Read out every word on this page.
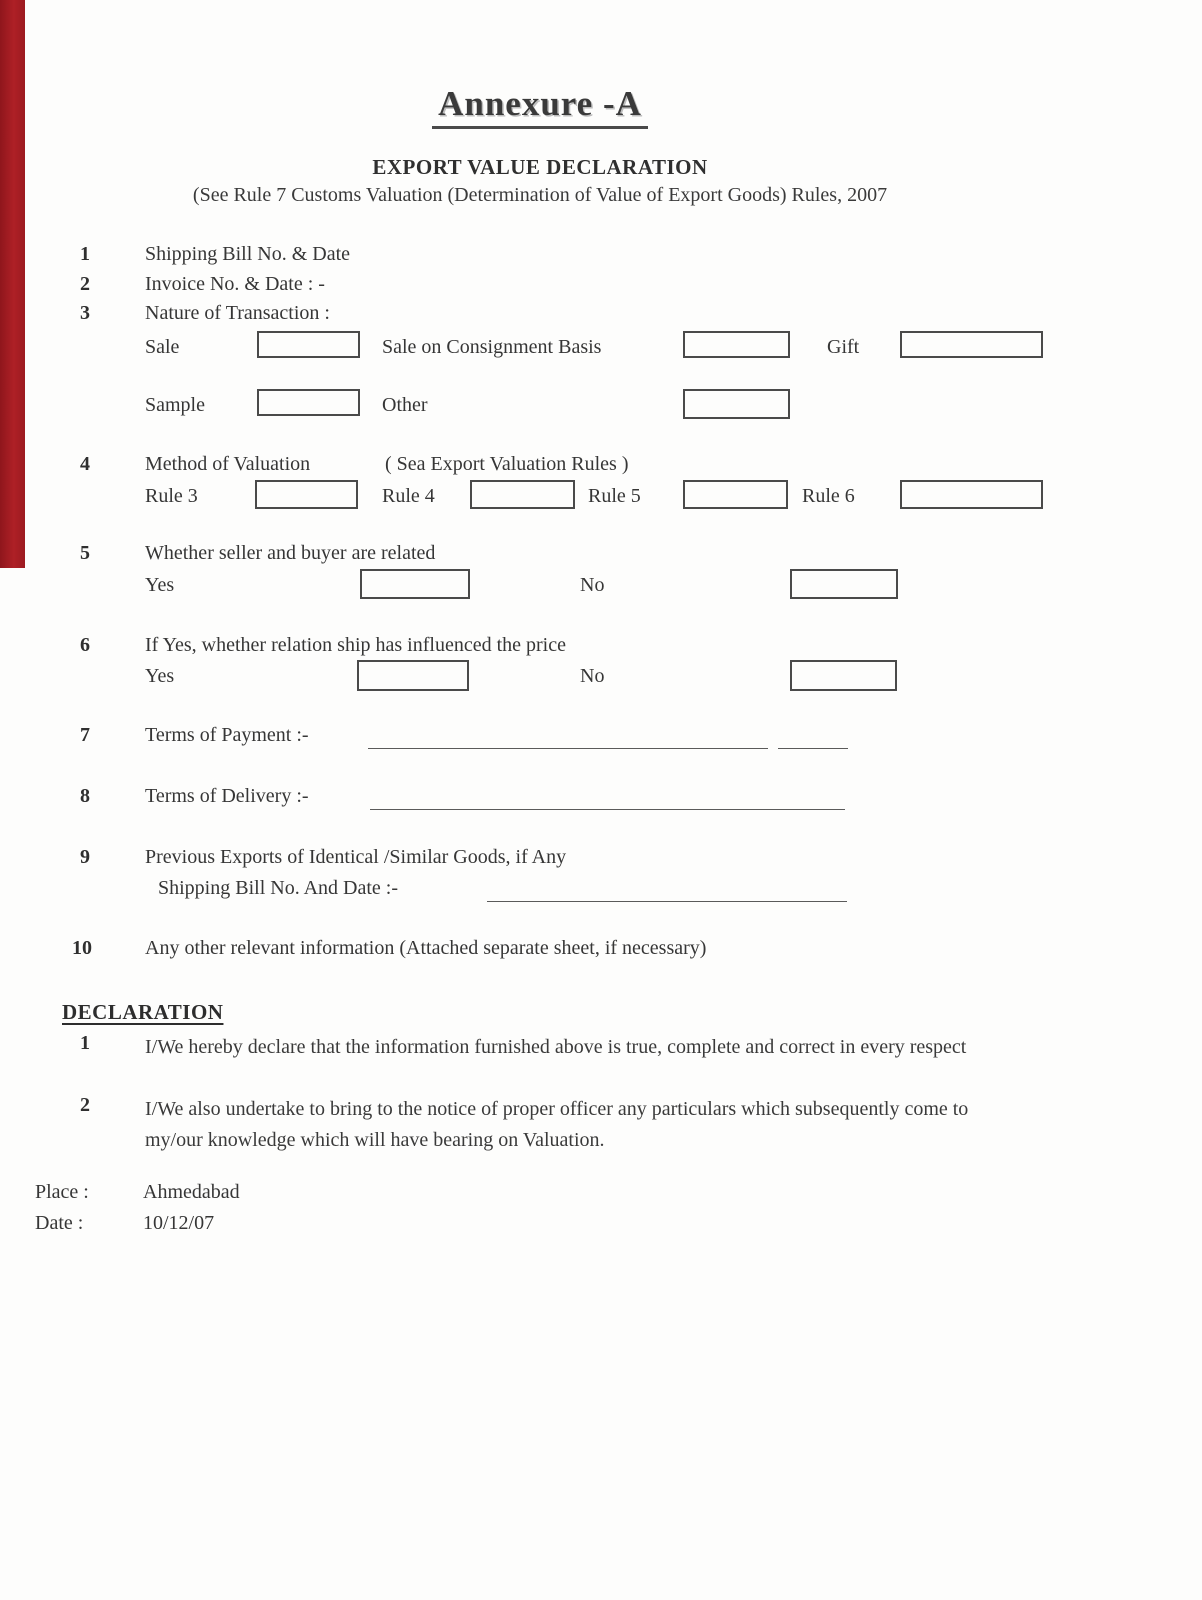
Annexure -A
EXPORT VALUE DECLARATION
(See Rule 7 Customs Valuation (Determination of Value of Export Goods) Rules, 2007
1	Shipping Bill No. & Date
2	Invoice No. & Date : -
3	Nature of Transaction :
Sale	Sale on Consignment Basis	Gift
Sample	Other
4	Method of Valuation	( Sea Export Valuation Rules )
Rule 3	Rule 4	Rule 5	Rule 6
5	Whether seller and buyer are related
Yes	No
6	If Yes, whether relation ship has influenced the price
Yes	No
7	Terms of Payment :-
8	Terms of Delivery :-
9	Previous Exports of Identical /Similar Goods, if Any
Shipping Bill No. And Date :-
10	Any other relevant information (Attached separate sheet, if necessary)
DECLARATION
1	I/We hereby declare that the information furnished above is true, complete and correct in every respect
2	I/We also undertake to bring to the notice of proper officer any particulars which subsequently come to my/our knowledge which will have bearing on Valuation.
Place :	Ahmedabad
Date :	10/12/07
